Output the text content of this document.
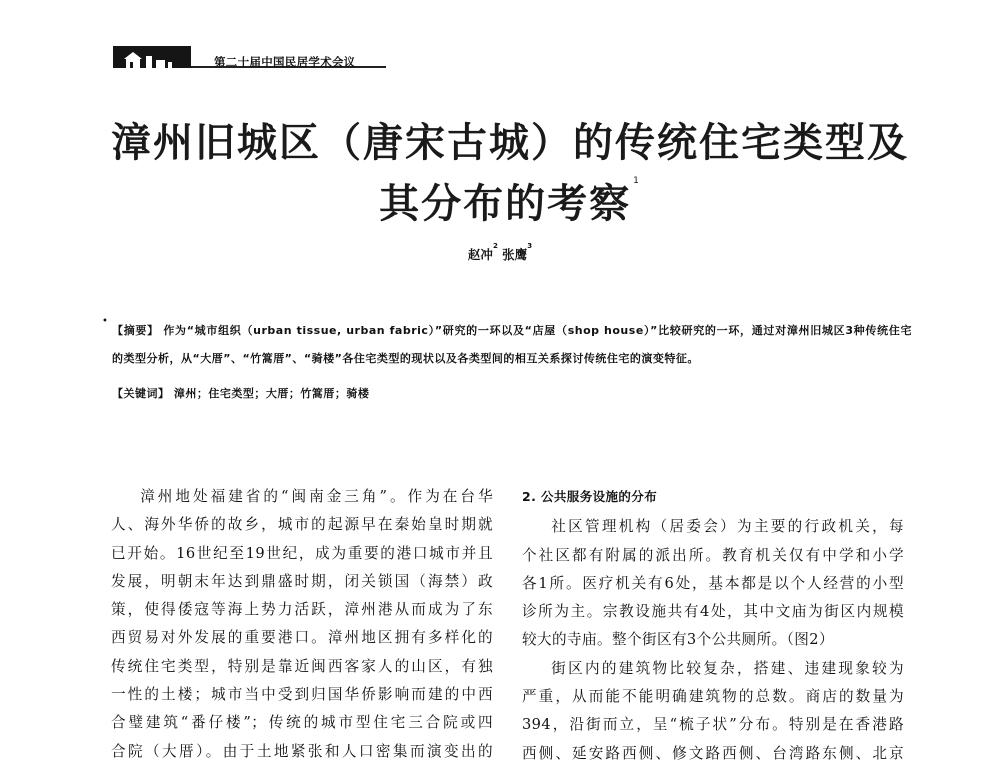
第二十届中国民居学术会议
漳州旧城区（唐宋古城）的传统住宅类型及
其分布的考察 $^1$
赵冲$^2$ 张鹰$^3$
•
【摘要】 作为“城市组织（urban tissue, urban fabric）”研究的一环以及“店屋（shop house）”比较研究的一环，通过对漳州旧城区3种传统住宅的类型分析，从“大厝”、“竹篙厝”、“骑楼”各住宅类型的现状以及各类型间的相互关系探讨传统住宅的演变特征。
【关键词】 漳州；住宅类型；大厝；竹篙厝；骑楼

漳州地处福建省的“闽南金三角”。作为在台华

人、海外华侨的故乡，城市的起源早在秦始皇时期就

已开始。16世纪至19世纪，成为重要的港口城市并且

发展，明朝末年达到鼎盛时期，闭关锁国（海禁）政

策，使得倭寇等海上势力活跃，漳州港从而成为了东

西贸易对外发展的重要港口。漳州地区拥有多样化的

传统住宅类型，特别是靠近闽西客家人的山区，有独

一性的土楼；城市当中受到归国华侨影响而建的中西

合璧建筑“番仔楼”；传统的城市型住宅三合院或四

合院（大厝）。由于土地紧张和人口密集而演变出的

2. 公共服务设施的分布

社区管理机构（居委会）为主要的行政机关，每

个社区都有附属的派出所。教育机关仅有中学和小学

各1所。医疗机关有6处，基本都是以个人经营的小型

诊所为主。宗教设施共有4处，其中文庙为街区内规模

较大的寺庙。整个街区有3个公共厕所。（图2）

街区内的建筑物比较复杂，搭建、违建现象较为

严重，从而能不能明确建筑物的总数。商店的数量为

394，沿街而立，呈“梳子状”分布。特别是在香港路

西侧、延安路西侧、修文路西侧、台湾路东侧、北京
